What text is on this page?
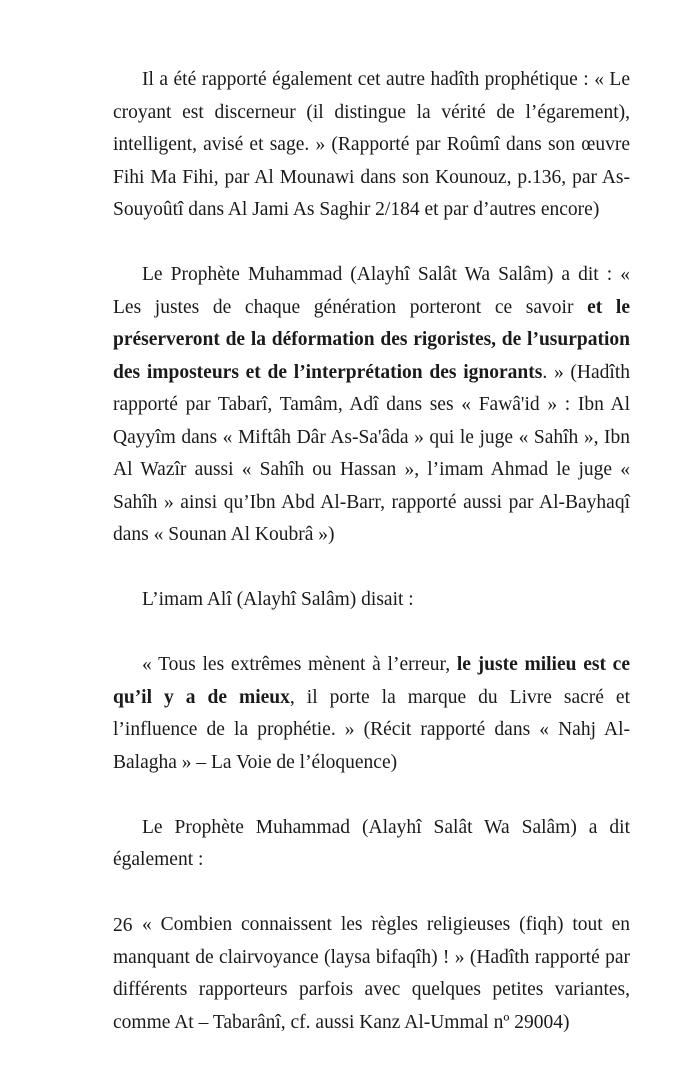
Il a été rapporté également cet autre hadîth prophétique : « Le croyant est discerneur (il distingue la vérité de l’égarement), intelligent, avisé et sage. » (Rapporté par Roûmî dans son œuvre Fihi Ma Fihi, par Al Mounawi dans son Kounouz, p.136, par As-Souyoûtî dans Al Jami As Saghir 2/184 et par d’autres encore)

Le Prophète Muhammad (Alayhî Salât Wa Salâm) a dit : « Les justes de chaque génération porteront ce savoir et le préserveront de la déformation des rigoristes, de l’usurpation des imposteurs et de l’interprétation des ignorants. » (Hadîth rapporté par Tabarî, Tamâm, Adî dans ses « Fawâ'id » : Ibn Al Qayyîm dans « Miftâh Dâr As-Sa'âda » qui le juge « Sahîh », Ibn Al Wazîr aussi « Sahîh ou Hassan », l’imam Ahmad le juge « Sahîh » ainsi qu’Ibn Abd Al-Barr, rapporté aussi par Al-Bayhaqî dans « Sounan Al Koubrâ »)

L’imam Alî (Alayhî Salâm) disait :

« Tous les extrêmes mènent à l’erreur, le juste milieu est ce qu’il y a de mieux, il porte la marque du Livre sacré et l’influence de la prophétie. » (Récit rapporté dans « Nahj Al-Balagha » – La Voie de l’éloquence)

Le Prophète Muhammad (Alayhî Salât Wa Salâm) a dit également :

« Combien connaissent les règles religieuses (fiqh) tout en manquant de clairvoyance (laysa bifaqîh) ! » (Hadîth rapporté par différents rapporteurs parfois avec quelques petites variantes, comme At – Tabarânî, cf. aussi Kanz Al-Ummal nº 29004)

26
